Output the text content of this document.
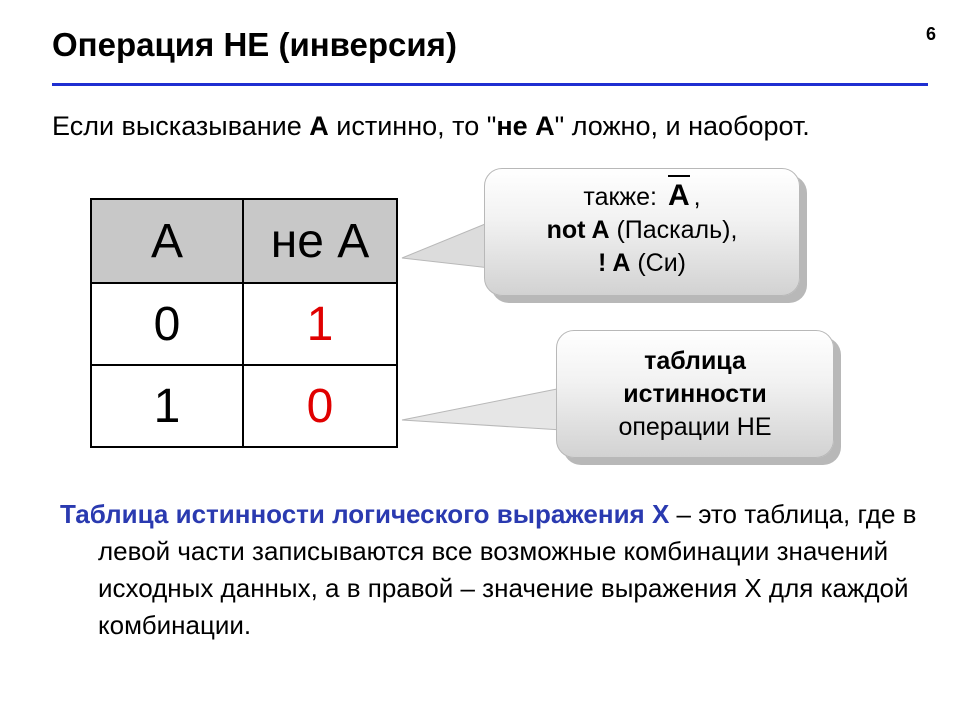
6
Операция НЕ (инверсия)

Если высказывание A истинно, то "не А" ложно, и наоборот.

A	не A
0	1
1	0
также: A ,
not A (Паскаль),
! A (Си)
таблица
истинности
операции НЕ

Таблица истинности логического выражения X – это таблица, где в левой части записываются все возможные комбинации значений исходных данных, а в правой – значение выражения X для каждой комбинации.
